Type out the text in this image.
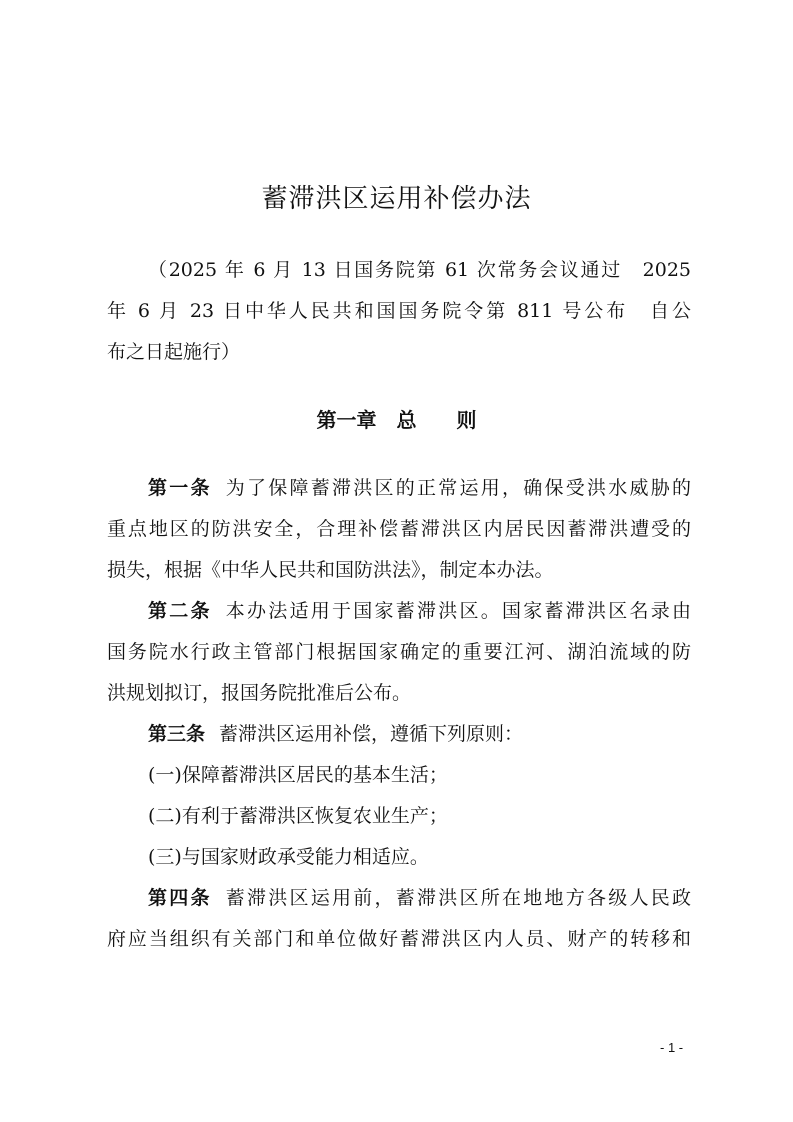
蓄滞洪区运用补偿办法
（2025 年 6 月 13 日国务院第 61 次常务会议通过　2025
年 6 月 23 日中华人民共和国国务院令第 811 号公布　自公
布之日起施行）
第一章　总　　则
第一条 为了保障蓄滞洪区的正常运用，确保受洪水威胁的
重点地区的防洪安全，合理补偿蓄滞洪区内居民因蓄滞洪遭受的
损失，根据《中华人民共和国防洪法》，制定本办法。
第二条 本办法适用于国家蓄滞洪区。国家蓄滞洪区名录由
国务院水行政主管部门根据国家确定的重要江河、湖泊流域的防
洪规划拟订，报国务院批准后公布。
第三条 蓄滞洪区运用补偿，遵循下列原则：
(一)保障蓄滞洪区居民的基本生活；
(二)有利于蓄滞洪区恢复农业生产；
(三)与国家财政承受能力相适应。
第四条 蓄滞洪区运用前，蓄滞洪区所在地地方各级人民政
府应当组织有关部门和单位做好蓄滞洪区内人员、财产的转移和
- 1 -
